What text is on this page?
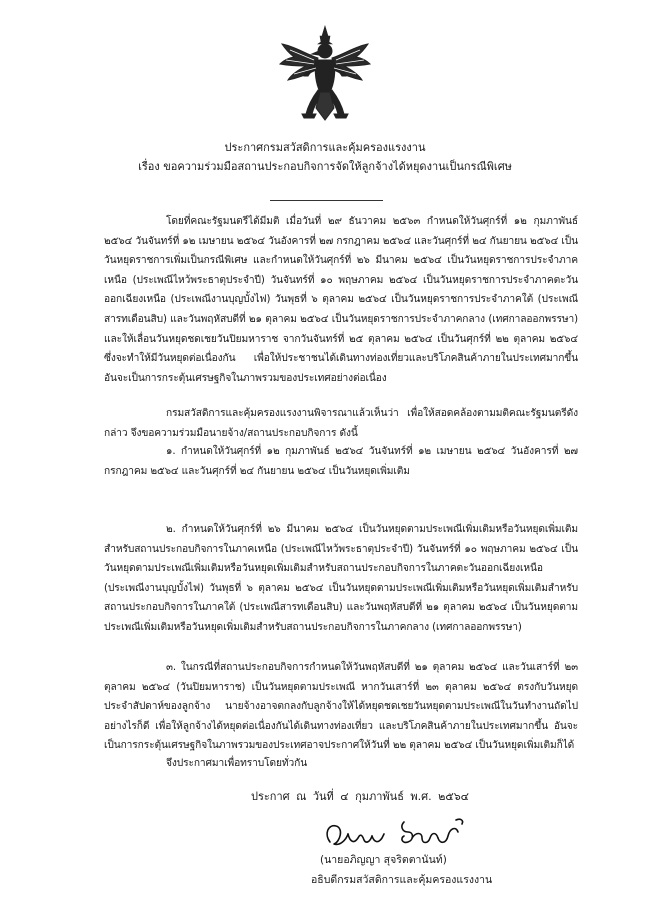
ประกาศกรมสวัสดิการและคุ้มครองแรงงาน
เรื่อง ขอความร่วมมือสถานประกอบกิจการจัดให้ลูกจ้างได้หยุดงานเป็นกรณีพิเศษ
โดยที่คณะรัฐมนตรีได้มีมติ เมื่อวันที่ ๒๙ ธันวาคม ๒๕๖๓ กำหนดให้วันศุกร์ที่ ๑๒ กุมภาพันธ์ ๒๕๖๔ วันจันทร์ที่ ๑๒ เมษายน ๒๕๖๔ วันอังคารที่ ๒๗ กรกฎาคม ๒๕๖๔ และวันศุกร์ที่ ๒๔ กันยายน ๒๕๖๔ เป็นวันหยุดราชการเพิ่มเป็นกรณีพิเศษ และกำหนดให้วันศุกร์ที่ ๒๖ มีนาคม ๒๕๖๔ เป็นวันหยุดราชการประจำภาคเหนือ (ประเพณีไหว้พระธาตุประจำปี) วันจันทร์ที่ ๑๐ พฤษภาคม ๒๕๖๔ เป็นวันหยุดราชการประจำภาคตะวันออกเฉียงเหนือ (ประเพณีงานบุญบั้งไฟ) วันพุธที่ ๖ ตุลาคม ๒๕๖๔ เป็นวันหยุดราชการประจำภาคใต้ (ประเพณีสารทเดือนสิบ) และวันพฤหัสบดีที่ ๒๑ ตุลาคม ๒๕๖๔ เป็นวันหยุดราชการประจำภาคกลาง (เทศกาลออกพรรษา) และให้เลื่อนวันหยุดชดเชยวันปิยมหาราช จากวันจันทร์ที่ ๒๕ ตุลาคม ๒๕๖๔ เป็นวันศุกร์ที่ ๒๒ ตุลาคม ๒๕๖๔ ซึ่งจะทำให้มีวันหยุดต่อเนื่องกัน เพื่อให้ประชาชนได้เดินทางท่องเที่ยวและบริโภคสินค้าภายในประเทศมากขึ้น อันจะเป็นการกระตุ้นเศรษฐกิจในภาพรวมของประเทศอย่างต่อเนื่อง
กรมสวัสดิการและคุ้มครองแรงงานพิจารณาแล้วเห็นว่า เพื่อให้สอดคล้องตามมติคณะรัฐมนตรีดังกล่าว จึงขอความร่วมมือนายจ้าง/สถานประกอบกิจการ ดังนี้
๑. กำหนดให้วันศุกร์ที่ ๑๒ กุมภาพันธ์ ๒๕๖๔ วันจันทร์ที่ ๑๒ เมษายน ๒๕๖๔ วันอังคารที่ ๒๗ กรกฎาคม ๒๕๖๔ และวันศุกร์ที่ ๒๔ กันยายน ๒๕๖๔ เป็นวันหยุดเพิ่มเติม
๒. กำหนดให้วันศุกร์ที่ ๒๖ มีนาคม ๒๕๖๔ เป็นวันหยุดตามประเพณีเพิ่มเติมหรือวันหยุดเพิ่มเติมสำหรับสถานประกอบกิจการในภาคเหนือ (ประเพณีไหว้พระธาตุประจำปี) วันจันทร์ที่ ๑๐ พฤษภาคม ๒๕๖๔ เป็นวันหยุดตามประเพณีเพิ่มเติมหรือวันหยุดเพิ่มเติมสำหรับสถานประกอบกิจการในภาคตะวันออกเฉียงเหนือ (ประเพณีงานบุญบั้งไฟ) วันพุธที่ ๖ ตุลาคม ๒๕๖๔ เป็นวันหยุดตามประเพณีเพิ่มเติมหรือวันหยุดเพิ่มเติมสำหรับสถานประกอบกิจการในภาคใต้ (ประเพณีสารทเดือนสิบ) และวันพฤหัสบดีที่ ๒๑ ตุลาคม ๒๕๖๔ เป็นวันหยุดตามประเพณีเพิ่มเติมหรือวันหยุดเพิ่มเติมสำหรับสถานประกอบกิจการในภาคกลาง (เทศกาลออกพรรษา)
๓. ในกรณีที่สถานประกอบกิจการกำหนดให้วันพฤหัสบดีที่ ๒๑ ตุลาคม ๒๕๖๔ และวันเสาร์ที่ ๒๓ ตุลาคม ๒๕๖๔ (วันปิยมหาราช) เป็นวันหยุดตามประเพณี หากวันเสาร์ที่ ๒๓ ตุลาคม ๒๕๖๔ ตรงกับวันหยุดประจำสัปดาห์ของลูกจ้าง นายจ้างอาจตกลงกับลูกจ้างให้ได้หยุดชดเชยวันหยุดตามประเพณีในวันทำงานถัดไป อย่างไรก็ดี เพื่อให้ลูกจ้างได้หยุดต่อเนื่องกันได้เดินทางท่องเที่ยว และบริโภคสินค้าภายในประเทศมากขึ้น อันจะเป็นการกระตุ้นเศรษฐกิจในภาพรวมของประเทศอาจประกาศให้วันที่ ๒๒ ตุลาคม ๒๕๖๔ เป็นวันหยุดเพิ่มเติมก็ได้
จึงประกาศมาเพื่อทราบโดยทั่วกัน
ประกาศ ณ วันที่ ๔ กุมภาพันธ์ พ.ศ. ๒๕๖๔
(นายอภิญญา สุจริตตานันท์)
อธิบดีกรมสวัสดิการและคุ้มครองแรงงาน
